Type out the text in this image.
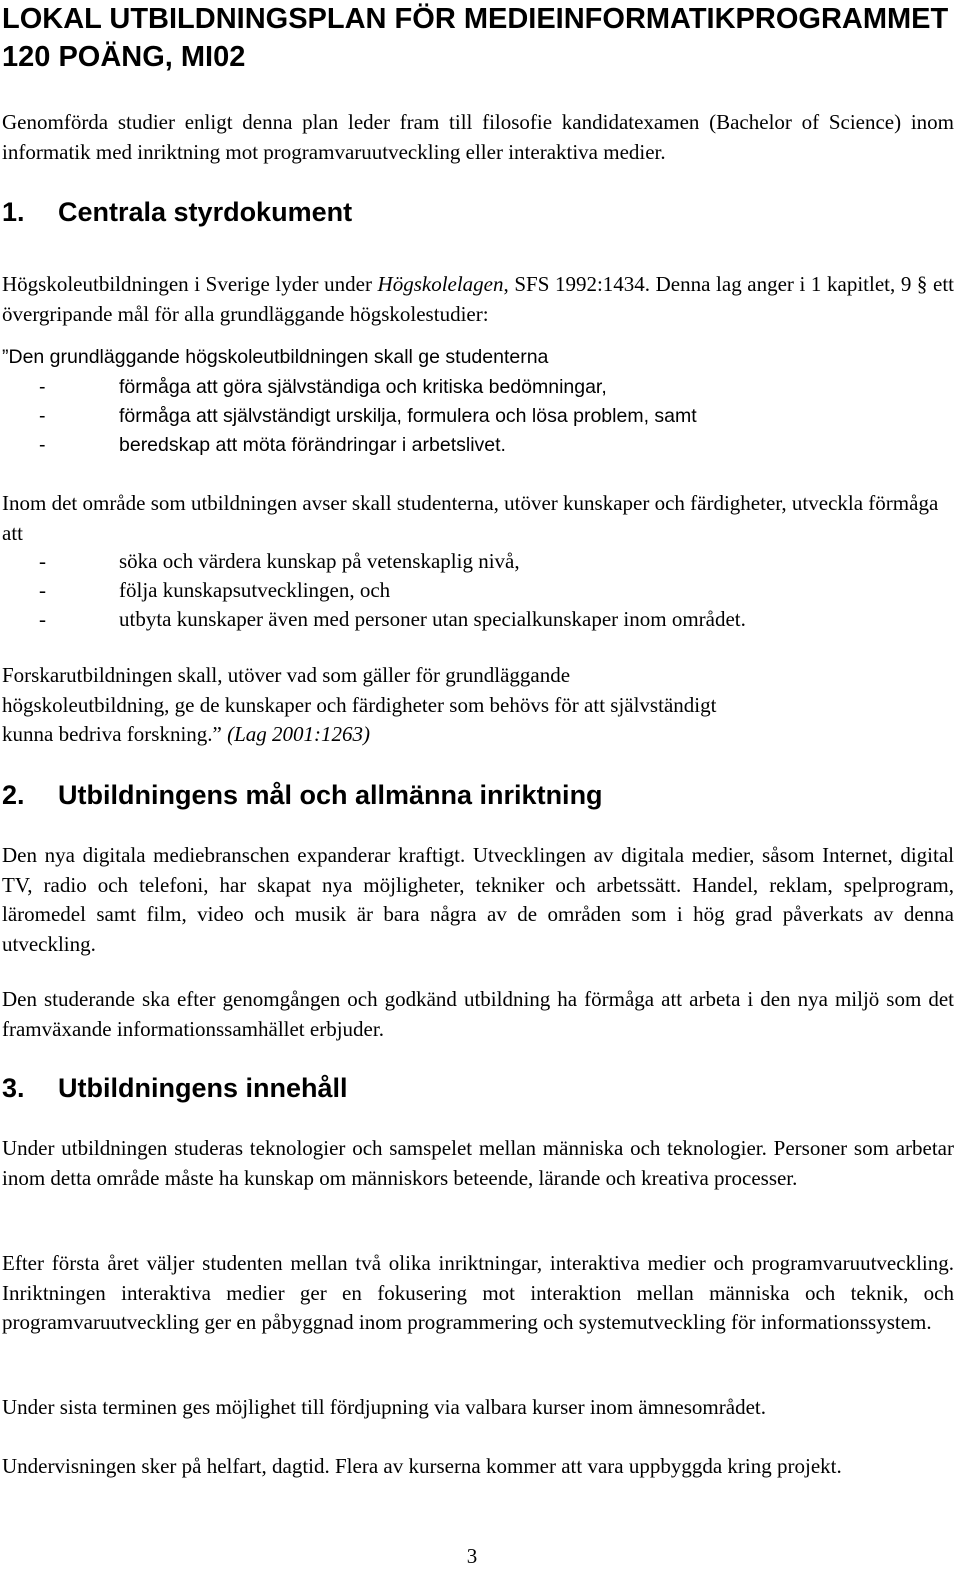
LOKAL UTBILDNINGSPLAN FÖR MEDIEINFORMATIKPROGRAMMET 120 POÄNG, MI02

Genomförda studier enligt denna plan leder fram till filosofie kandidatexamen (Bachelor of Science) inom informatik med inriktning mot programvaruutveckling eller interaktiva medier.

1. Centrala styrdokument

Högskoleutbildningen i Sverige lyder under Högskolelagen, SFS 1992:1434. Denna lag anger i 1 kapitlet, 9 § ett övergripande mål för alla grundläggande högskolestudier:

”Den grundläggande högskoleutbildningen skall ge studenterna
-	förmåga att göra självständiga och kritiska bedömningar,
-	förmåga att självständigt urskilja, formulera och lösa problem, samt
-	beredskap att möta förändringar i arbetslivet.

Inom det område som utbildningen avser skall studenterna, utöver kunskaper och färdigheter, utveckla förmåga att

-	söka och värdera kunskap på vetenskaplig nivå,
-	följa kunskapsutvecklingen, och
-	utbyta kunskaper även med personer utan specialkunskaper inom området.

Forskarutbildningen skall, utöver vad som gäller för grundläggande högskoleutbildning, ge de kunskaper och färdigheter som behövs för att självständigt kunna bedriva forskning.” (Lag 2001:1263)

2. Utbildningens mål och allmänna inriktning

Den nya digitala mediebranschen expanderar kraftigt. Utvecklingen av digitala medier, såsom Internet, digital TV, radio och telefoni, har skapat nya möjligheter, tekniker och arbetssätt. Handel, reklam, spelprogram, läromedel samt film, video och musik är bara några av de områden som i hög grad påverkats av denna utveckling.

Den studerande ska efter genomgången och godkänd utbildning ha förmåga att arbeta i den nya miljö som det framväxande informationssamhället erbjuder.

3. Utbildningens innehåll

Under utbildningen studeras teknologier och samspelet mellan människa och teknologier. Personer som arbetar inom detta område måste ha kunskap om människors beteende, lärande och kreativa processer.

Efter första året väljer studenten mellan två olika inriktningar, interaktiva medier och programvaruutveckling. Inriktningen interaktiva medier ger en fokusering mot interaktion mellan människa och teknik, och programvaruutveckling ger en påbyggnad inom programmering och systemutveckling för informationssystem.

Under sista terminen ges möjlighet till fördjupning via valbara kurser inom ämnesområdet.

Undervisningen sker på helfart, dagtid. Flera av kurserna kommer att vara uppbyggda kring projekt.

3
